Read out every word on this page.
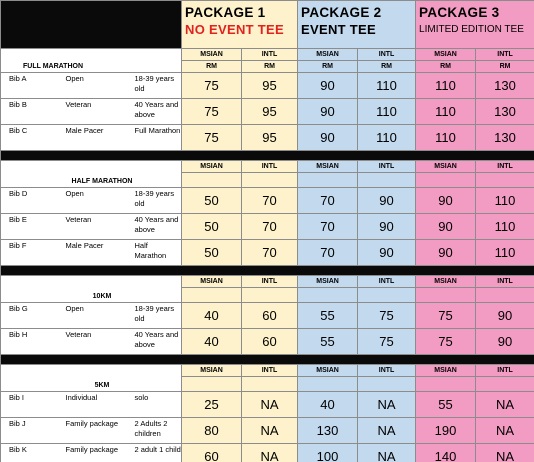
			PACKAGE 1
NO EVENT TEE		PACKAGE 2
EVENT TEE		PACKAGE 3
LIMITED EDITION TEE	

			MSIAN	INTL	MSIAN	INTL	MSIAN	INTL
FULL MARATHON			RM	RM	RM	RM	RM	RM
Bib A	Open	18-39 years old	75	95	90	110	110	130
Bib B	Veteran	40 Years and above	75	95	90	110	110	130
Bib C	Male Pacer	Full Marathon	75	95	90	110	110	130

HALF MARATHON			MSIAN	INTL	MSIAN	INTL	MSIAN	INTL

Bib D	Open	18-39 years old	50	70	70	90	90	110
Bib E	Veteran	40 Years and above	50	70	70	90	90	110
Bib F	Male Pacer	Half Marathon	50	70	70	90	90	110

10KM			MSIAN	INTL	MSIAN	INTL	MSIAN	INTL

Bib G	Open	18-39 years old	40	60	55	75	75	90
Bib H	Veteran	40 Years and above	40	60	55	75	75	90

5KM			MSIAN	INTL	MSIAN	INTL	MSIAN	INTL

Bib I	Individual	solo	25	NA	40	NA	55	NA
Bib J	Family package	2 Adults 2 children	80	NA	130	NA	190	NA
Bib K	Family package	2 adult 1 child	60	NA	100	NA	140	NA
